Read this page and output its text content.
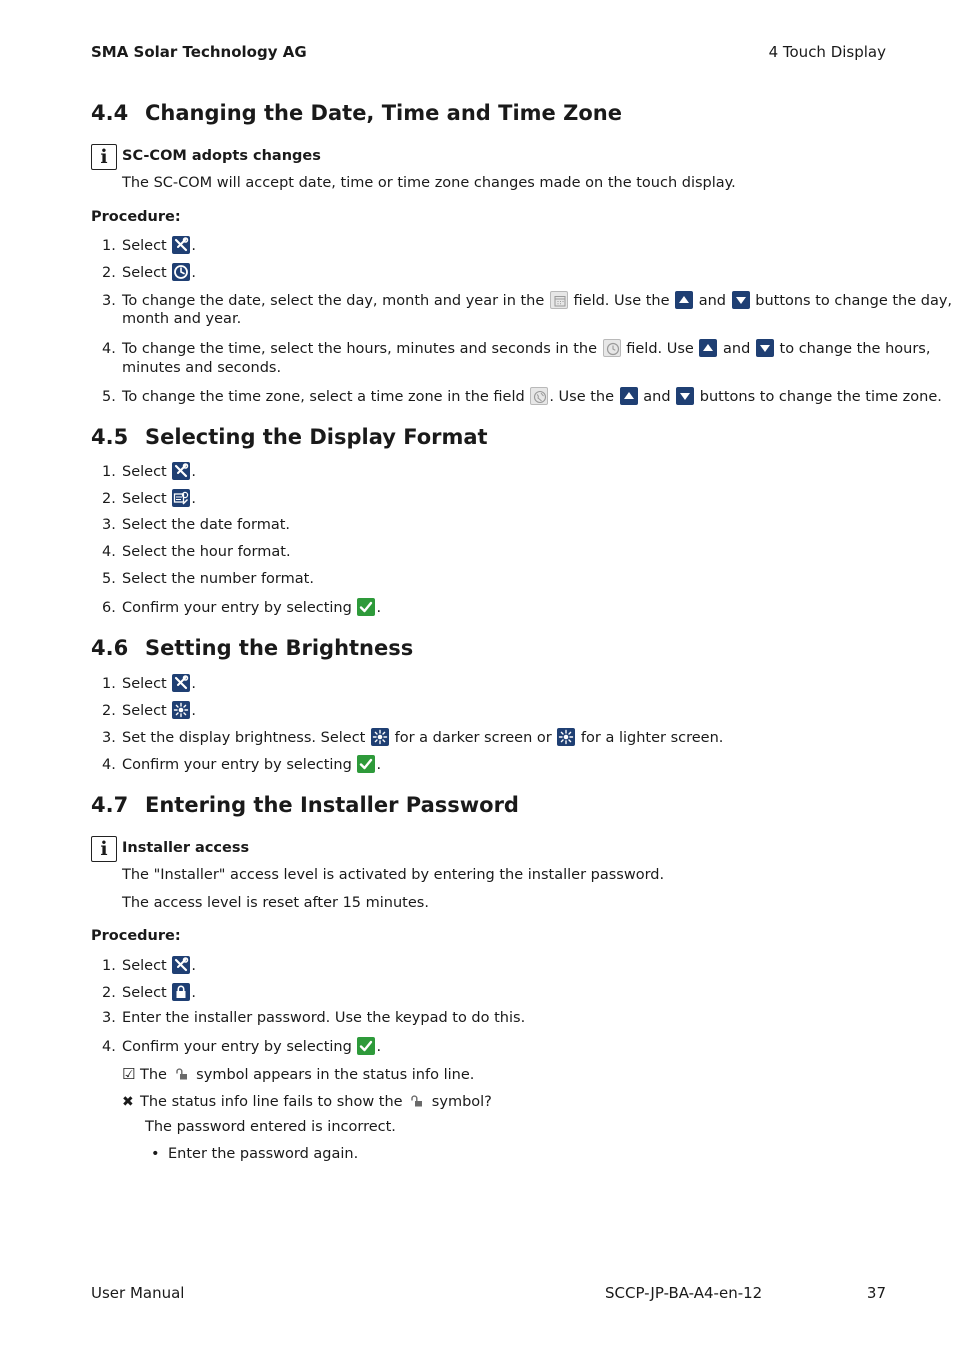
SMA Solar Technology AG	4 Touch Display
4.4 Changing the Date, Time and Time Zone
i SC-COM adopts changes
The SC-COM will accept date, time or time zone changes made on the touch display.
Procedure:
1. Select
.
2. Select
.
3. To change the date, select the day, month and year in the
field. Use the
and
buttons to change the day,
month and year.
4. To change the time, select the hours, minutes and seconds in the
field. Use
and
to change the hours,
minutes and seconds.
5. To change the time zone, select a time zone in the field
. Use the
and
buttons to change the time zone.
4.5 Selecting the Display Format
1. Select
.
2. Select
.
3. Select the date format.
4. Select the hour format.
5. Select the number format.
6. Confirm your entry by selecting
.
4.6 Setting the Brightness
1. Select
.
2. Select
.
3. Set the display brightness. Select
for a darker screen or
for a lighter screen.
4. Confirm your entry by selecting
.
4.7 Entering the Installer Password
i Installer access
The "Installer" access level is activated by entering the installer password.
The access level is reset after 15 minutes.
Procedure:
1. Select
.
2. Select
.
3. Enter the installer password. Use the keypad to do this.
4. Confirm your entry by selecting
.
☑ The
symbol appears in the status info line.
✖ The status info line fails to show the
symbol?
The password entered is incorrect.
• Enter the password again.
User Manual	SCCP-JP-BA-A4-en-12	37
